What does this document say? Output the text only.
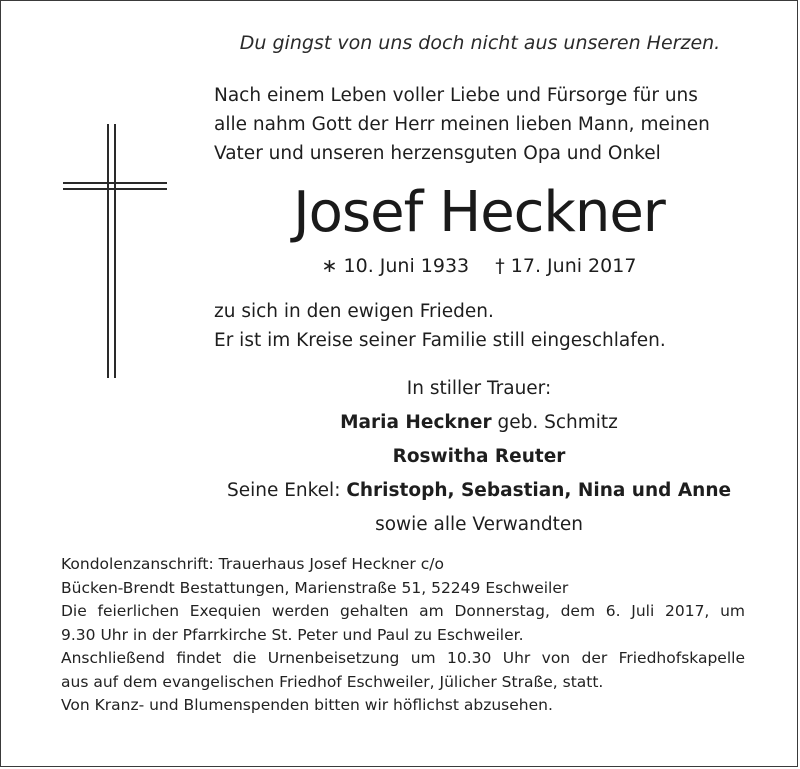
Du gingst von uns doch nicht aus unseren Herzen.
Nach einem Leben voller Liebe und Fürsorge für uns
alle nahm Gott der Herr meinen lieben Mann, meinen
Vater und unseren herzensguten Opa und Onkel
Josef Heckner
∗ 10. Juni 1933 † 17. Juni 2017
zu sich in den ewigen Frieden.
Er ist im Kreise seiner Familie still eingeschlafen.
In stiller Trauer:
Maria Heckner geb. Schmitz
Roswitha Reuter
Seine Enkel: Christoph, Sebastian, Nina und Anne
sowie alle Verwandten

Kondolenzanschrift: Trauerhaus Josef Heckner c/o

Bücken-Brendt Bestattungen, Marienstraße 51, 52249 Eschweiler

Die feierlichen Exequien werden gehalten am Donnerstag, dem 6. Juli 2017, um

9.30 Uhr in der Pfarrkirche St. Peter und Paul zu Eschweiler.

Anschließend findet die Urnenbeisetzung um 10.30 Uhr von der Friedhofskapelle

aus auf dem evangelischen Friedhof Eschweiler, Jülicher Straße, statt.

Von Kranz- und Blumenspenden bitten wir höflichst abzusehen.
